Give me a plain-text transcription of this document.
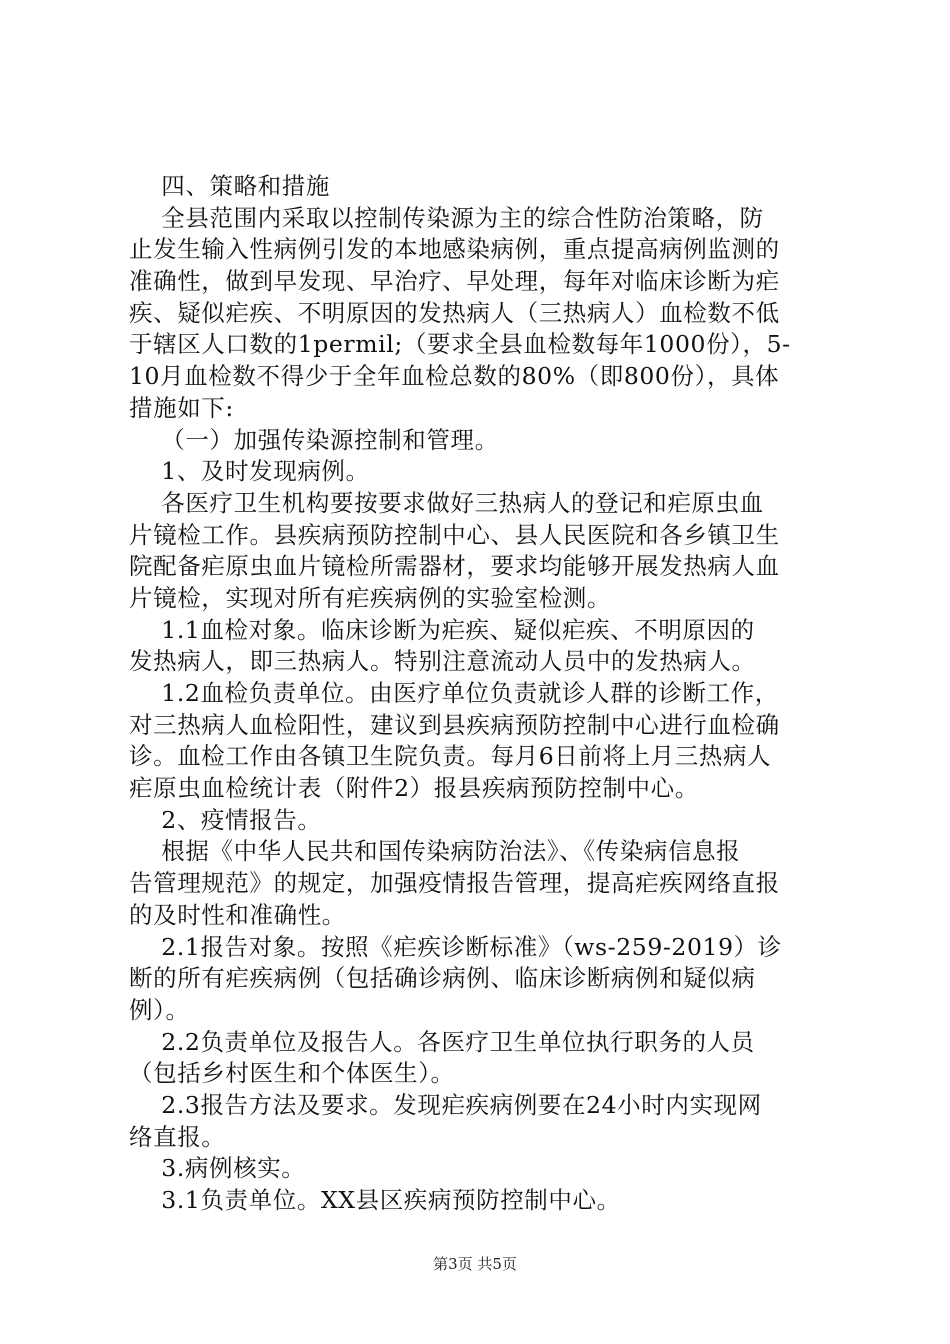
四、策略和措施
全县范围内采取以控制传染源为主的综合性防治策略，防
止发生输入性病例引发的本地感染病例，重点提高病例监测的
准确性，做到早发现、早治疗、早处理，每年对临床诊断为疟
疾、疑似疟疾、不明原因的发热病人（三热病人）血检数不低
于辖区人口数的1permil;（要求全县血检数每年1000份），5-
10月血检数不得少于全年血检总数的80%（即800份），具体
措施如下:
（一）加强传染源控制和管理。
1、及时发现病例。
各医疗卫生机构要按要求做好三热病人的登记和疟原虫血
片镜检工作。县疾病预防控制中心、县人民医院和各乡镇卫生
院配备疟原虫血片镜检所需器材，要求均能够开展发热病人血
片镜检，实现对所有疟疾病例的实验室检测。
1.1血检对象。临床诊断为疟疾、疑似疟疾、不明原因的
发热病人，即三热病人。特别注意流动人员中的发热病人。
1.2血检负责单位。由医疗单位负责就诊人群的诊断工作，
对三热病人血检阳性，建议到县疾病预防控制中心进行血检确
诊。血检工作由各镇卫生院负责。每月6日前将上月三热病人
疟原虫血检统计表（附件2）报县疾病预防控制中心。
2、疫情报告。
根据《中华人民共和国传染病防治法》、《传染病信息报
告管理规范》的规定，加强疫情报告管理，提高疟疾网络直报
的及时性和准确性。
2.1报告对象。按照《疟疾诊断标准》（ws-259-2019）诊
断的所有疟疾病例（包括确诊病例、临床诊断病例和疑似病
例）。
2.2负责单位及报告人。各医疗卫生单位执行职务的人员
（包括乡村医生和个体医生）。
2.3报告方法及要求。发现疟疾病例要在24小时内实现网
络直报。
3.病例核实。
3.1负责单位。XX县区疾病预防控制中心。
第3页 共5页
